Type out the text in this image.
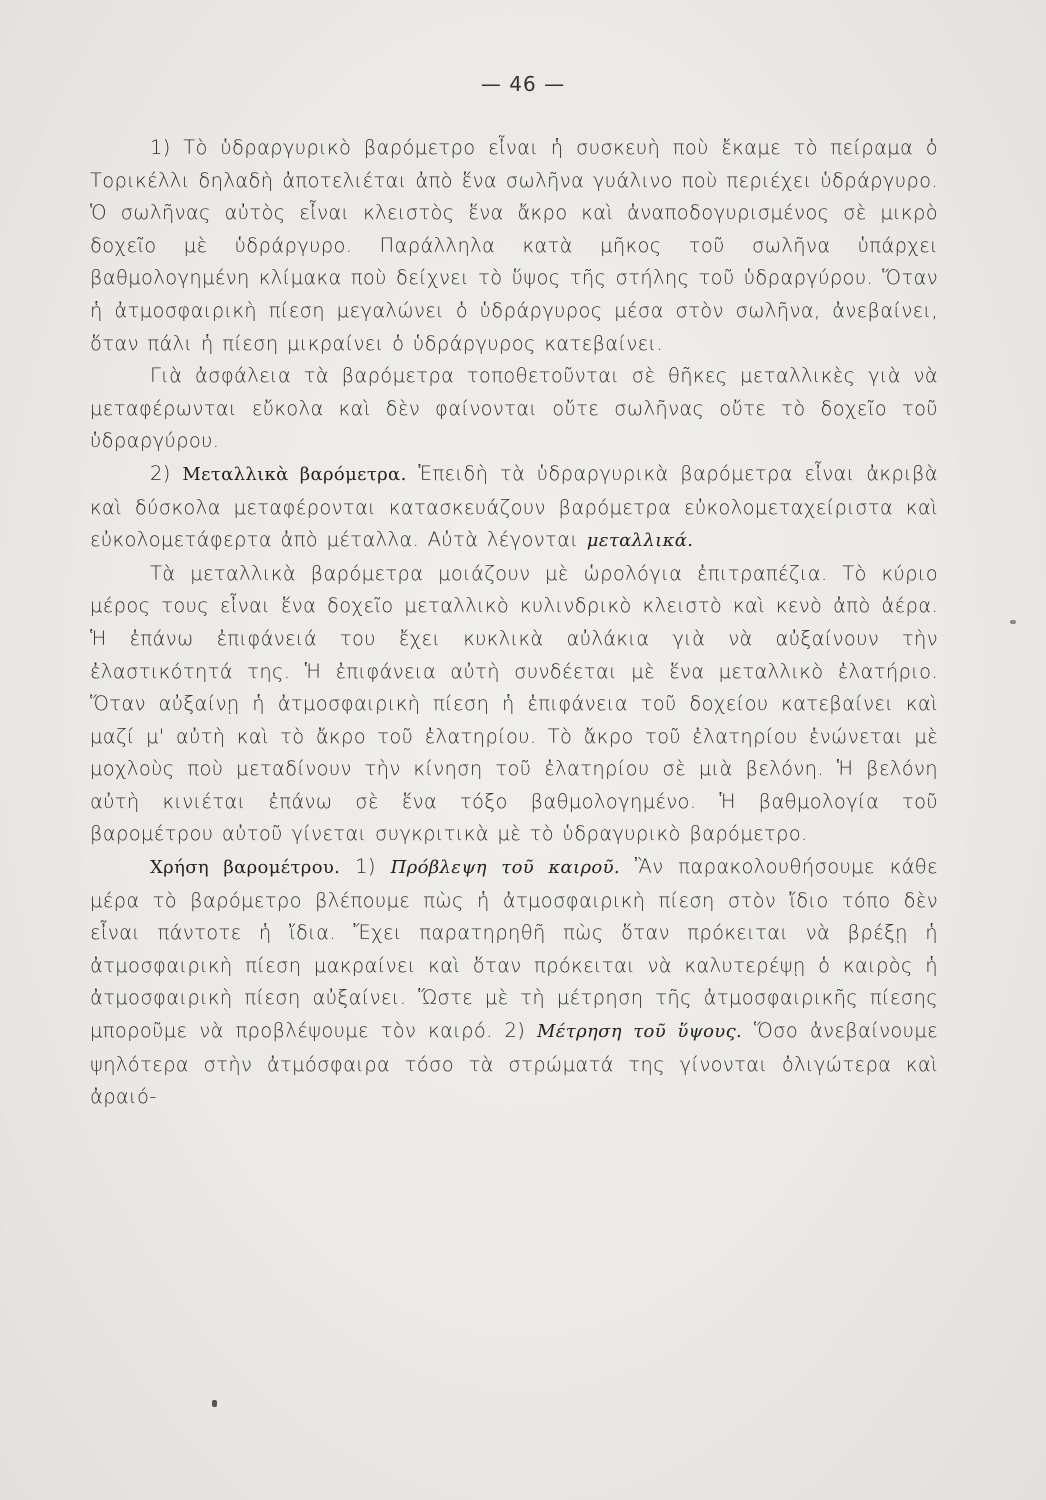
— 46 —

1) Τὸ ὑδραργυρικὸ βαρόμετρο εἶναι ἡ συσκευὴ ποὺ ἔκαμε τὸ πείραμα ὁ Τορικέλλι δηλαδὴ ἀποτελιέται ἀπὸ ἕνα σωλῆνα γυάλινο ποὺ περιέχει ὑδράργυρο. Ὁ σωλῆνας αὐτὸς εἶναι κλειστὸς ἕνα ἄκρο καὶ ἀναποδογυρισμένος σὲ μικρὸ δοχεῖο μὲ ὑδράργυρο. Παράλληλα κατὰ μῆκος τοῦ σωλῆνα ὑπάρχει βαθμολογημένη κλίμακα ποὺ δείχνει τὸ ὕψος τῆς στήλης τοῦ ὑδραργύρου. Ὅταν ἡ ἀτμοσφαιρικὴ πίεση μεγαλώνει ὁ ὑδράργυρος μέσα στὸν σωλῆνα, ἀνεβαίνει, ὅταν πάλι ἡ πίεση μικραίνει ὁ ὑδράργυρος κατεβαίνει.

Γιὰ ἀσφάλεια τὰ βαρόμετρα τοποθετοῦνται σὲ θῆκες μεταλλικὲς γιὰ νὰ μεταφέρωνται εὔκολα καὶ δὲν φαίνονται οὔτε σωλῆνας οὔτε τὸ δοχεῖο τοῦ ὑδραργύρου.

2) Μεταλλικὰ βαρόμετρα. Ἐπειδὴ τὰ ὑδραργυρικὰ βαρόμετρα εἶναι ἀκριβὰ καὶ δύσκολα μεταφέρονται κατασκευάζουν βαρόμετρα εὐκολομεταχείριστα καὶ εὐκολομετάφερτα ἀπὸ μέταλλα. Αὐτὰ λέγονται μεταλλικά.

Τὰ μεταλλικὰ βαρόμετρα μοιάζουν μὲ ὡρολόγια ἐπιτραπέζια. Τὸ κύριο μέρος τους εἶναι ἕνα δοχεῖο μεταλλικὸ κυλινδρικὸ κλειστὸ καὶ κενὸ ἀπὸ ἀέρα. Ἡ ἐπάνω ἐπιφάνειά του ἔχει κυκλικὰ αὐλάκια γιὰ νὰ αὐξαίνουν τὴν ἐλαστικότητά της. Ἡ ἐπιφάνεια αὐτὴ συνδέεται μὲ ἕνα μεταλλικὸ ἐλατήριο. Ὅταν αὐξαίνῃ ἡ ἀτμοσφαιρικὴ πίεση ἡ ἐπιφάνεια τοῦ δοχείου κατεβαίνει καὶ μαζί μ' αὐτὴ καὶ τὸ ἄκρο τοῦ ἐλατηρίου. Τὸ ἄκρο τοῦ ἐλατηρίου ἑνώνεται μὲ μοχλοὺς ποὺ μεταδίνουν τὴν κίνηση τοῦ ἐλατηρίου σὲ μιὰ βελόνη. Ἡ βελόνη αὐτὴ κινιέται ἐπάνω σὲ ἕνα τόξο βαθμολογημένο. Ἡ βαθμολογία τοῦ βαρομέτρου αὐτοῦ γίνεται συγκριτικὰ μὲ τὸ ὑδραγυρικὸ βαρόμετρο.

Χρήση βαρομέτρου. 1) Πρόβλεψη τοῦ καιροῦ. Ἂν παρακολουθήσουμε κάθε μέρα τὸ βαρόμετρο βλέπουμε πὼς ἡ ἀτμοσφαιρικὴ πίεση στὸν ἴδιο τόπο δὲν εἶναι πάντοτε ἡ ἴδια. Ἔχει παρατηρηθῆ πὼς ὅταν πρόκειται νὰ βρέξῃ ἡ ἀτμοσφαιρικὴ πίεση μακραίνει καὶ ὅταν πρόκειται νὰ καλυτερέψῃ ὁ καιρὸς ἡ ἀτμοσφαιρικὴ πίεση αὐξαίνει. Ὥστε μὲ τὴ μέτρηση τῆς ἀτμοσφαιρικῆς πίεσης μποροῦμε νὰ προβλέψουμε τὸν καιρό. 2) Μέτρηση τοῦ ὕψους. Ὅσο ἀνεβαίνουμε ψηλότερα στὴν ἀτμόσφαιρα τόσο τὰ στρώματά της γίνονται ὀλιγώτερα καὶ ἀραιό-
